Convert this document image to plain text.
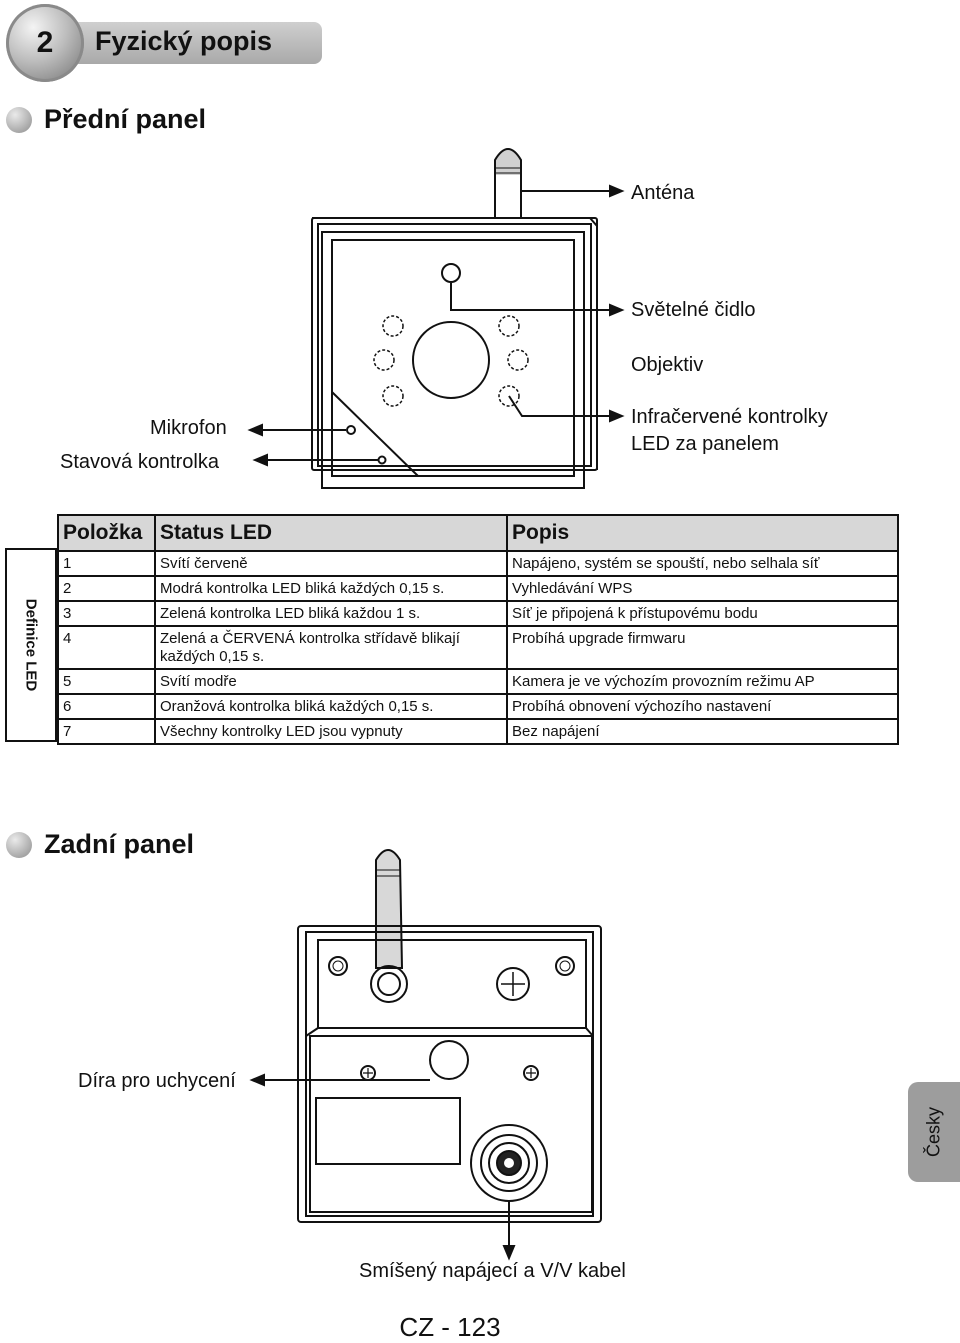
2	Fyzický popis
Přední panel
Anténa
Světelné čidlo
Objektiv
Infračervené kontrolky
LED za panelem
Mikrofon
Stavová kontrolka
Definice LED
Položka	Status LED	Popis
1	Svítí červeně	Napájeno, systém se spouští, nebo selhala síť
2	Modrá kontrolka LED bliká každých 0,15 s.	Vyhledávání WPS
3	Zelená kontrolka LED bliká každou 1 s.	Síť je připojená k přístupovému bodu
4	Zelená a ČERVENÁ kontrolka střídavě blikají
každých 0,15 s.	Probíhá upgrade firmwaru
5	Svítí modře	Kamera je ve výchozím provozním režimu AP
6	Oranžová kontrolka bliká každých 0,15 s.	Probíhá obnovení výchozího nastavení
7	Všechny kontrolky LED jsou vypnuty	Bez napájení
Zadní panel
Díra pro uchycení
Smíšený napájecí a V/V kabel
Česky
CZ - 123
